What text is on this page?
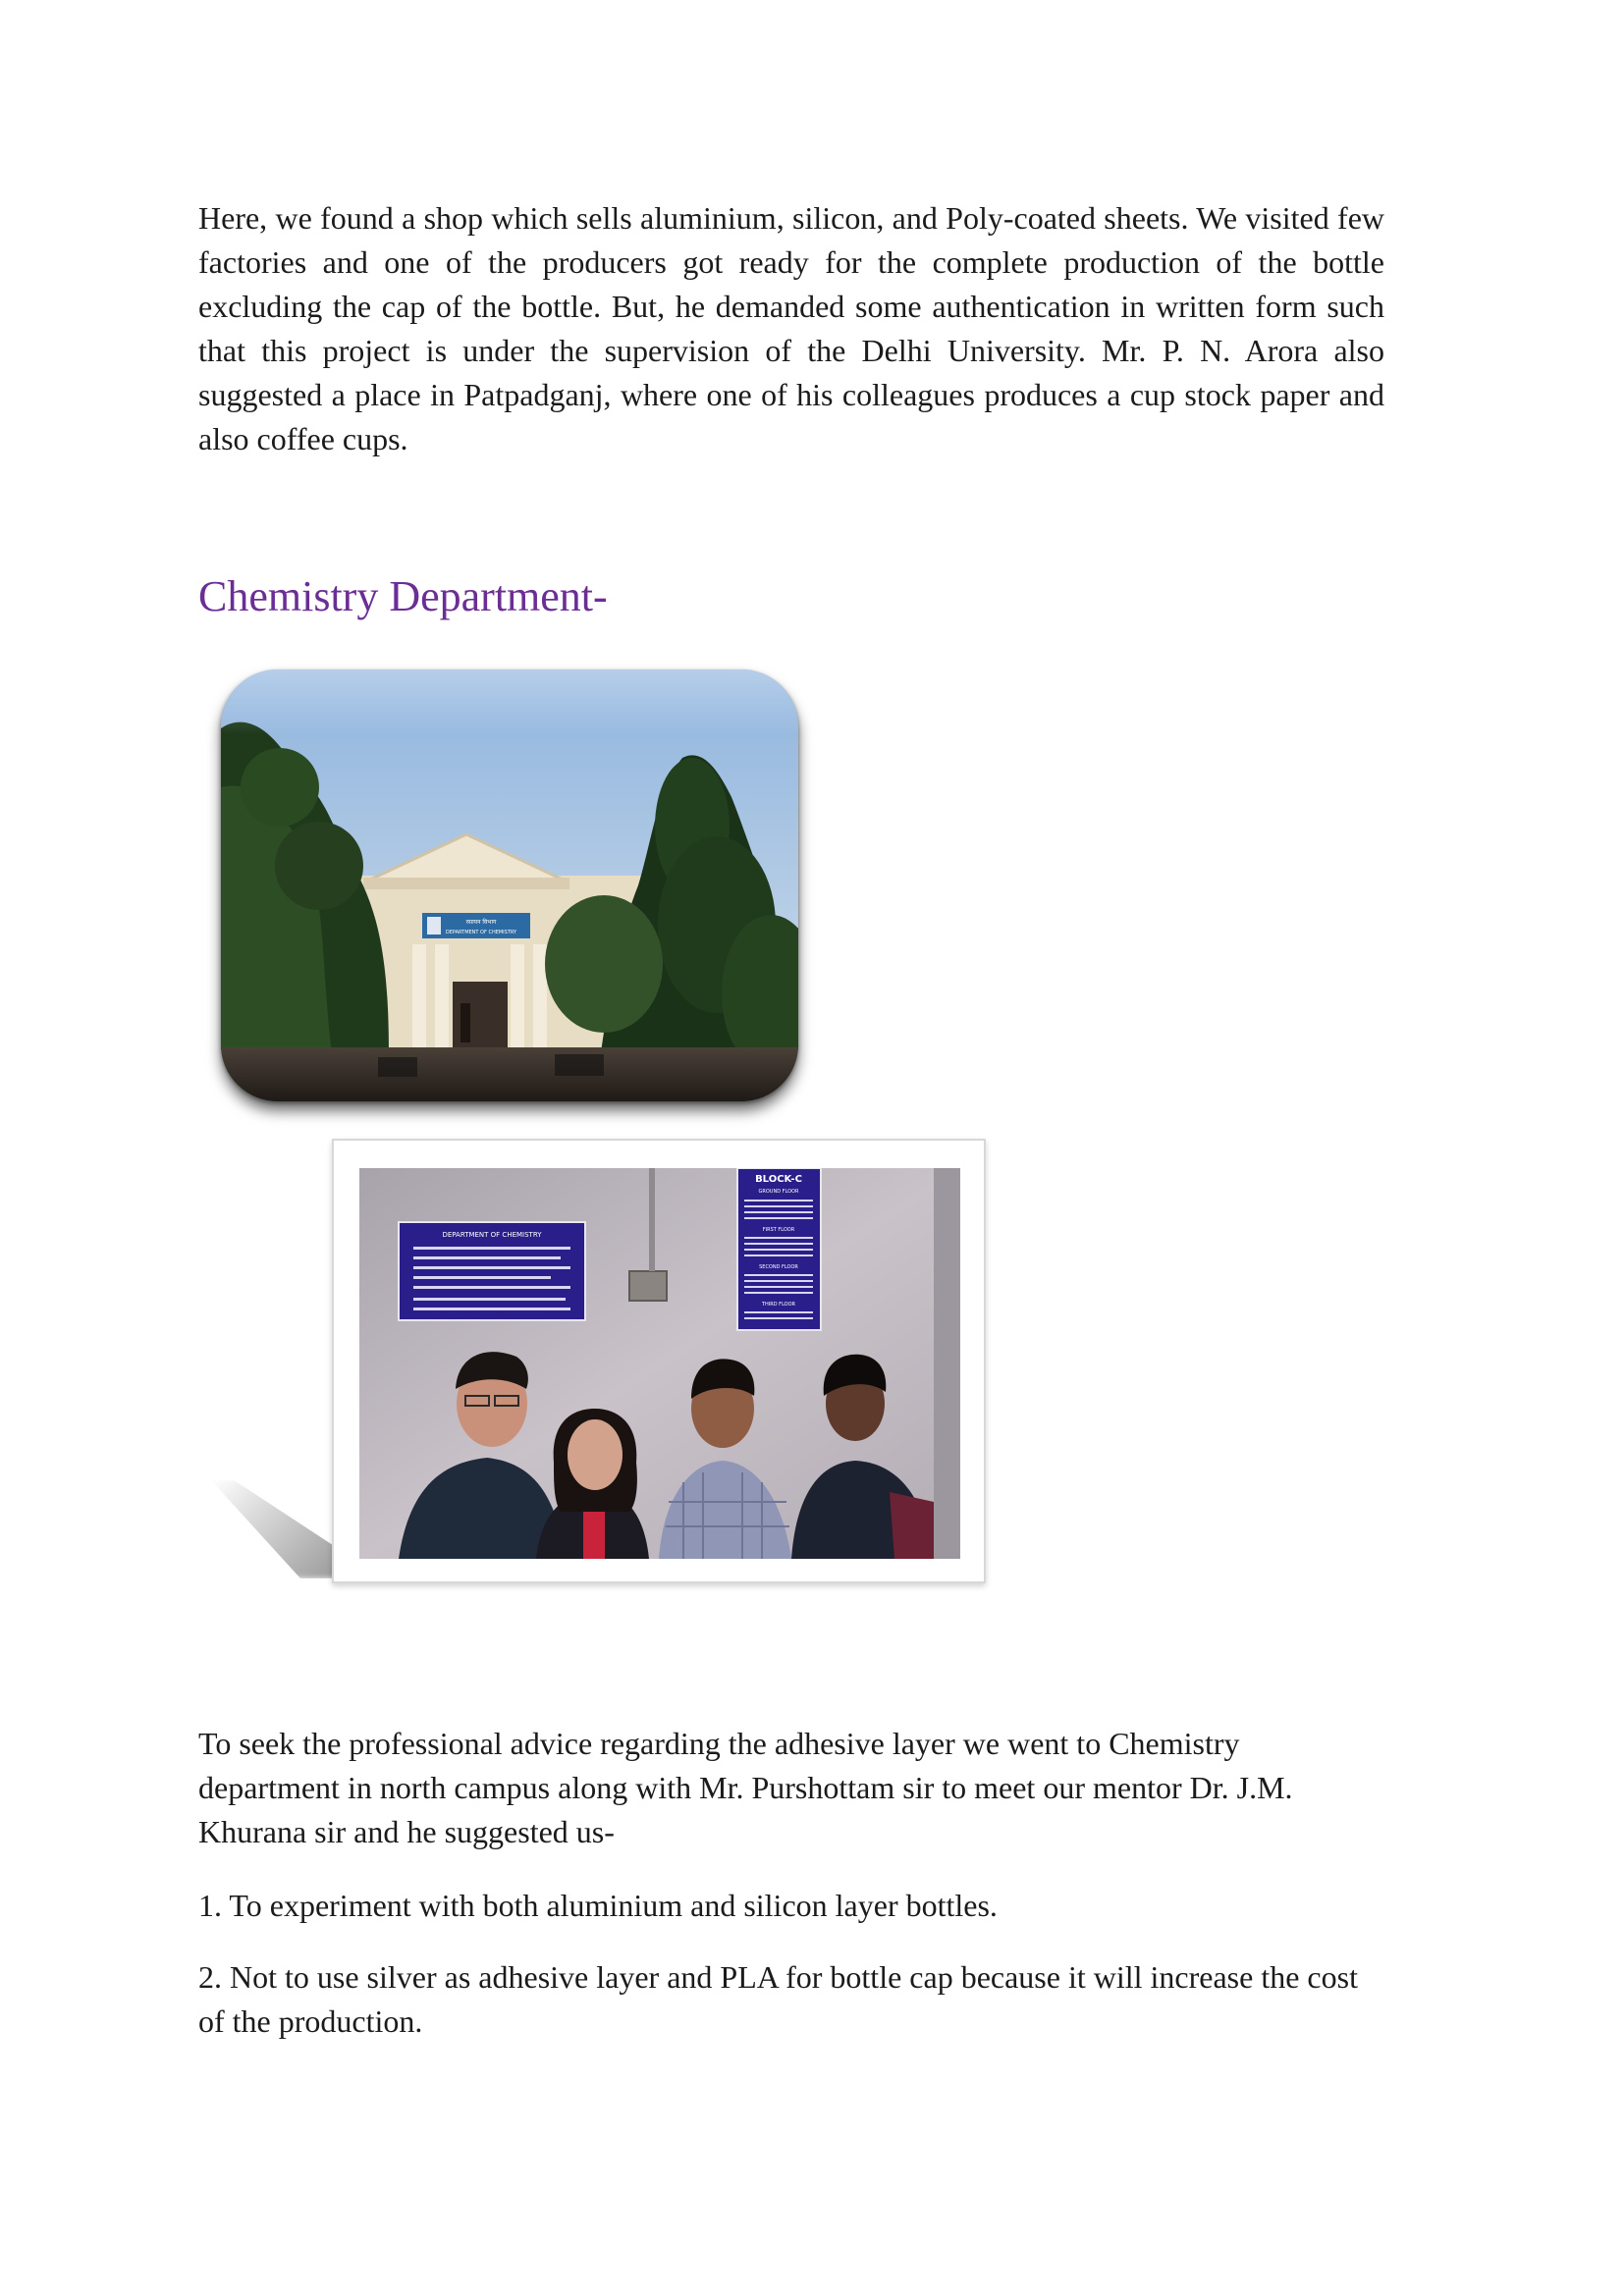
Here, we found a shop which sells aluminium, silicon, and Poly-coated sheets. We visited few factories and one of the producers got ready for the complete production of the bottle excluding the cap of the bottle. But, he demanded some authentication in written form such that this project is under the supervision of the Delhi University. Mr. P. N. Arora also suggested a place in Patpadganj, where one of his colleagues produces a cup stock paper and also coffee cups.

Chemistry Department-
DEPARTMENT OF CHEMISTRY
BLOCK-C
GROUND FLOOR
FIRST FLOOR
SECOND FLOOR
THIRD FLOOR

To seek the professional advice regarding the adhesive layer we went to Chemistry department in north campus along with Mr. Purshottam sir to meet our mentor Dr. J.M. Khurana sir and he suggested us-

1. To experiment with both aluminium and silicon layer bottles.

2. Not to use silver as adhesive layer and PLA for bottle cap because it will increase the cost of the production.
